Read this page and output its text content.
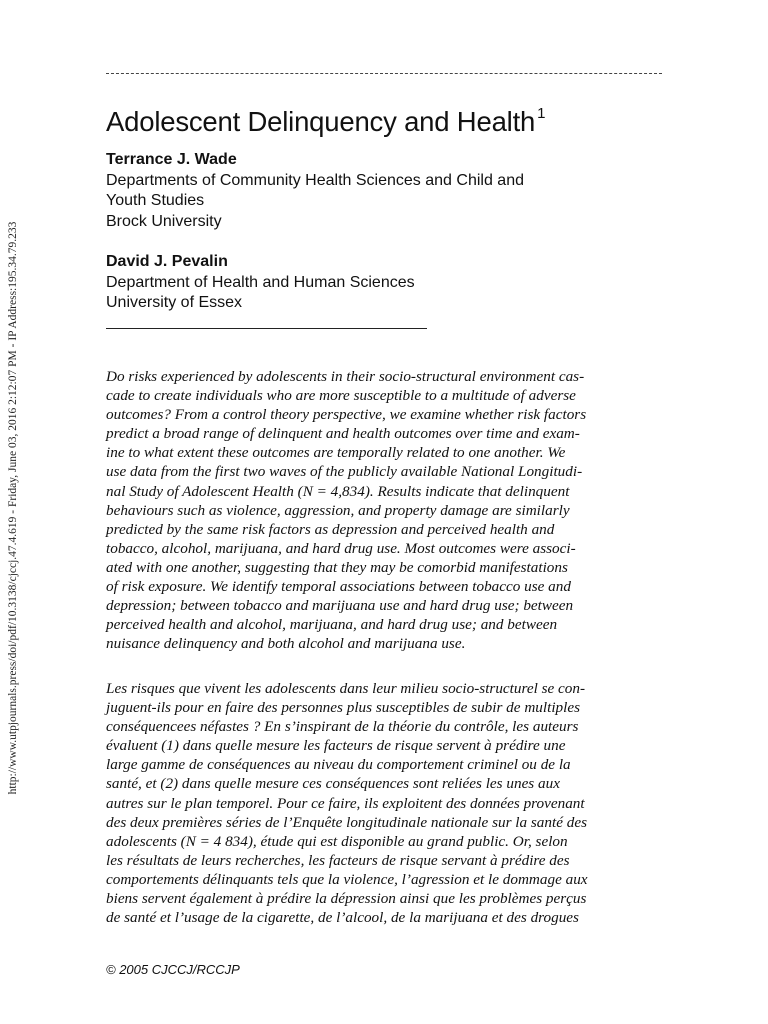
http://www.utpjournals.press/doi/pdf/10.3138/cjccj.47.4.619 - Friday, June 03, 2016 2:12:07 PM - IP Address:195.34.79.233
Adolescent Delinquency and Health $^1$
Terrance J. Wade
Departments of Community Health Sciences and Child and
Youth Studies
Brock University
David J. Pevalin
Department of Health and Human Sciences
University of Essex
Do risks experienced by adolescents in their socio-structural environment cas-
cade to create individuals who are more susceptible to a multitude of adverse
outcomes? From a control theory perspective, we examine whether risk factors
predict a broad range of delinquent and health outcomes over time and exam-
ine to what extent these outcomes are temporally related to one another. We
use data from the first two waves of the publicly available National Longitudi-
nal Study of Adolescent Health (N = 4,834). Results indicate that delinquent
behaviours such as violence, aggression, and property damage are similarly
predicted by the same risk factors as depression and perceived health and
tobacco, alcohol, marijuana, and hard drug use. Most outcomes were associ-
ated with one another, suggesting that they may be comorbid manifestations
of risk exposure. We identify temporal associations between tobacco use and
depression; between tobacco and marijuana use and hard drug use; between
perceived health and alcohol, marijuana, and hard drug use; and between
nuisance delinquency and both alcohol and marijuana use.
Les risques que vivent les adolescents dans leur milieu socio-structurel se con-
juguent-ils pour en faire des personnes plus susceptibles de subir de multiples
conséquencees néfastes ? En s’inspirant de la théorie du contrôle, les auteurs
évaluent (1) dans quelle mesure les facteurs de risque servent à prédire une
large gamme de conséquences au niveau du comportement criminel ou de la
santé, et (2) dans quelle mesure ces conséquences sont reliées les unes aux
autres sur le plan temporel. Pour ce faire, ils exploitent des données provenant
des deux premières séries de l’Enquête longitudinale nationale sur la santé des
adolescents (N = 4 834), étude qui est disponible au grand public. Or, selon
les résultats de leurs recherches, les facteurs de risque servant à prédire des
comportements délinquants tels que la violence, l’agression et le dommage aux
biens servent également à prédire la dépression ainsi que les problèmes perçus
de santé et l’usage de la cigarette, de l’alcool, de la marijuana et des drogues
© 2005 CJCCJ/RCCJP
